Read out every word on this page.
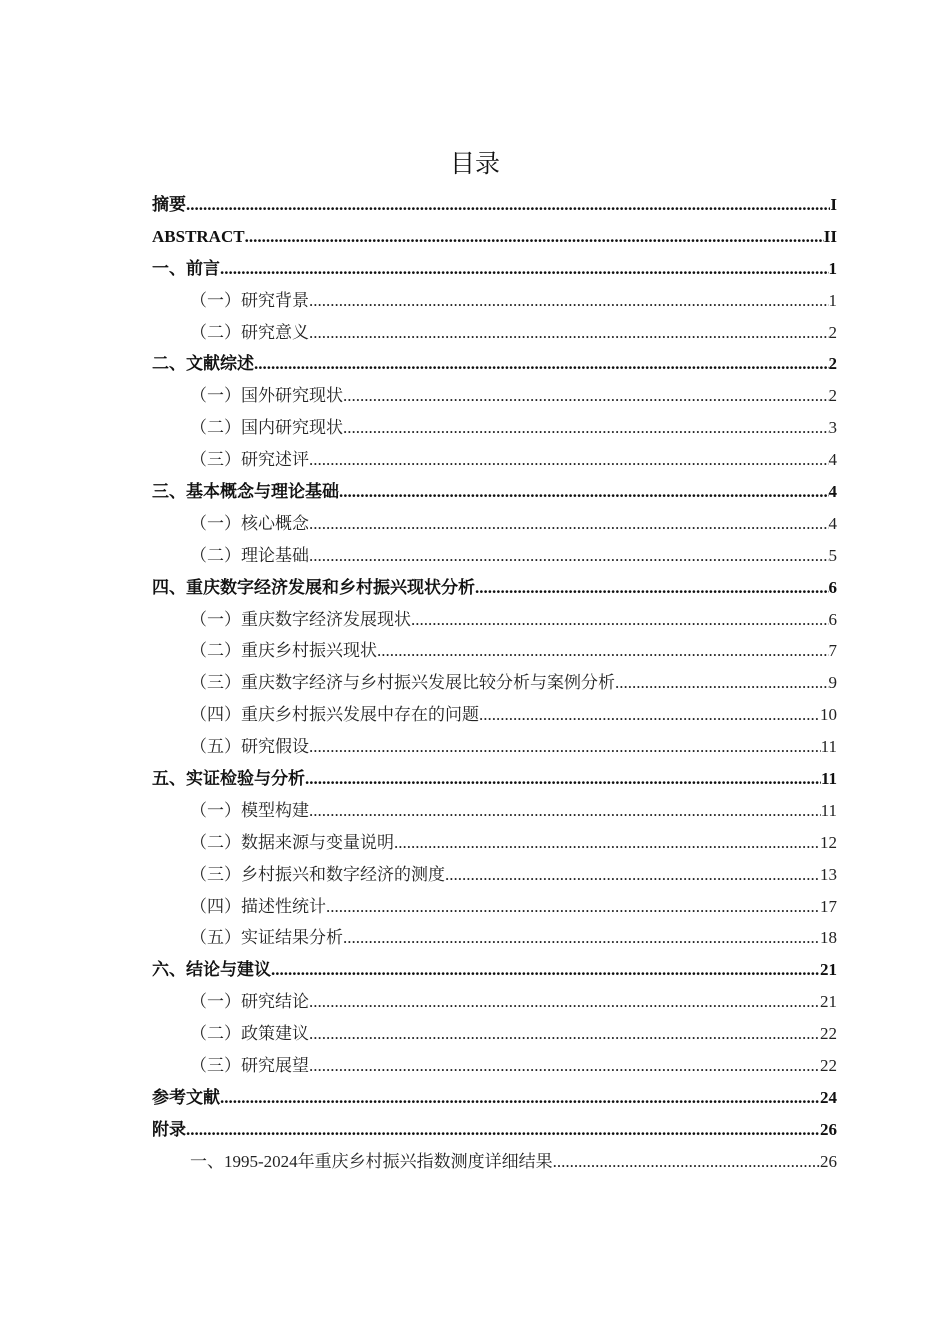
目录
摘要 .....	I
ABSTRACT .....	II
一、前言 .....	1
（一）研究背景 .....	1
（二）研究意义 .....	2
二、文献综述 .....	2
（一）国外研究现状 .....	2
（二）国内研究现状 .....	3
（三）研究述评 .....	4
三、基本概念与理论基础 .....	4
（一）核心概念 .....	4
（二）理论基础 .....	5
四、重庆数字经济发展和乡村振兴现状分析 .....	6
（一）重庆数字经济发展现状 .....	6
（二）重庆乡村振兴现状 .....	7
（三）重庆数字经济与乡村振兴发展比较分析与案例分析 .....	9
（四）重庆乡村振兴发展中存在的问题 .....	10
（五）研究假设 .....	11
五、实证检验与分析 .....	11
（一）模型构建 .....	11
（二）数据来源与变量说明 .....	12
（三）乡村振兴和数字经济的测度 .....	13
（四）描述性统计 .....	17
（五）实证结果分析 .....	18
六、结论与建议 .....	21
（一）研究结论 .....	21
（二）政策建议 .....	22
（三）研究展望 .....	22
参考文献 .....	24
附录 .....	26
一、1995-2024年重庆乡村振兴指数测度详细结果 .....	26
